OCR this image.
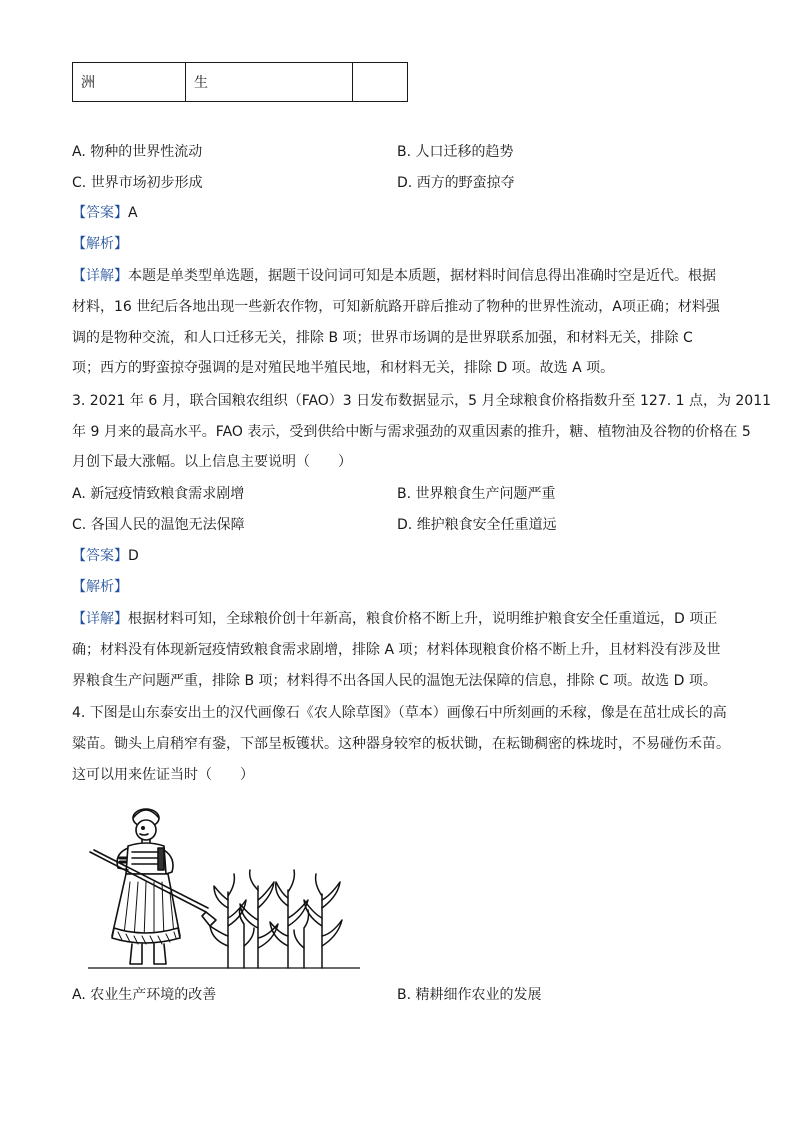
洲	生	
A. 物种的世界性流动	B. 人口迁移的趋势
C. 世界市场初步形成	D. 西方的野蛮掠夺
【答案】A
【解析】
【详解】本题是单类型单选题，据题干设问词可知是本质题，据材料时间信息得出准确时空是近代。根据
材料，16 世纪后各地出现一些新农作物，可知新航路开辟后推动了物种的世界性流动，A项正确；材料强
调的是物种交流，和人口迁移无关，排除 B 项；世界市场调的是世界联系加强，和材料无关，排除 C
项；西方的野蛮掠夺强调的是对殖民地半殖民地，和材料无关，排除 D 项。故选 A 项。
3. 2021 年 6 月，联合国粮农组织（FAO）3 日发布数据显示，5 月全球粮食价格指数升至 127. 1 点，为 2011
年 9 月来的最高水平。FAO 表示，受到供给中断与需求强劲的双重因素的推升，糖、植物油及谷物的价格在 5
月创下最大涨幅。以上信息主要说明（　　）
A. 新冠疫情致粮食需求剧增	B. 世界粮食生产问题严重
C. 各国人民的温饱无法保障	D. 维护粮食安全任重道远
【答案】D
【解析】
【详解】根据材料可知，全球粮价创十年新高，粮食价格不断上升，说明维护粮食安全任重道远，D 项正
确；材料没有体现新冠疫情致粮食需求剧增，排除 A 项；材料体现粮食价格不断上升，且材料没有涉及世
界粮食生产问题严重，排除 B 项；材料得不出各国人民的温饱无法保障的信息，排除 C 项。故选 D 项。
4. 下图是山东泰安出土的汉代画像石《农人除草图》（草本）画像石中所刻画的禾稼，像是在茁壮成长的高
粱苗。锄头上肩稍窄有銎，下部呈板镬状。这种器身较窄的板状锄，在耘锄稠密的株垅时，不易碰伤禾苗。
这可以用来佐证当时（　　）
A. 农业生产环境的改善	B. 精耕细作农业的发展
